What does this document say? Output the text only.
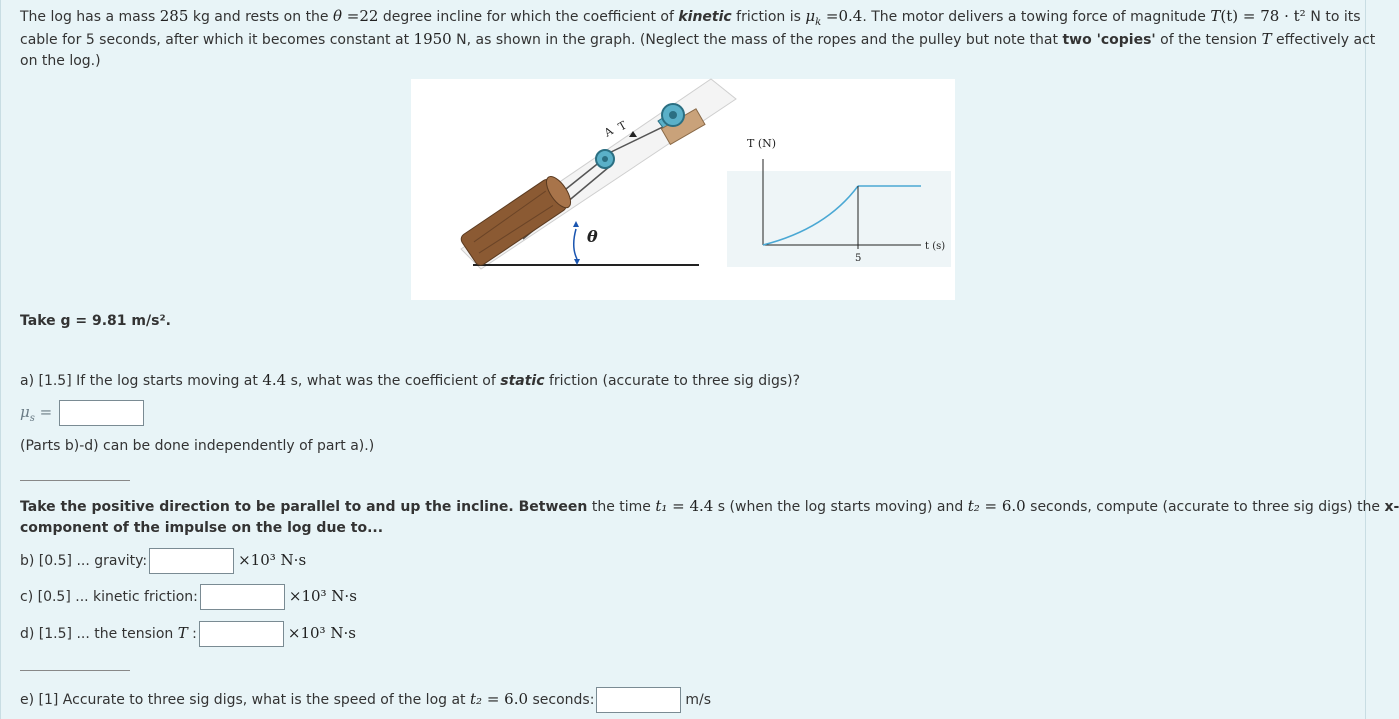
The log has a mass 285 kg and rests on the θ =22 degree incline for which the coefficient of kinetic friction is $\mu_k =0.4$. The motor delivers a towing force of magnitude T(t) = 78 · t² N to its
cable for 5 seconds, after which it becomes constant at 1950 N, as shown in the graph. (Neglect the mass of the ropes and the pulley but note that two 'copies' of the tension T effectively act
on the log.)
A T
θ
T (N)
5
t (s)
Take g = 9.81 m/s².
a) [1.5] If the log starts moving at 4.4 s, what was the coefficient of static friction (accurate to three sig digs)?
$\mu_s$ =
(Parts b)-d) can be done independently of part a).)
Take the positive direction to be parallel to and up the incline. Between the time t₁ = 4.4 s (when the log starts moving) and t₂ = 6.0 seconds, compute (accurate to three sig digs) the x-
component of the impulse on the log due to...
b) [0.5] ... gravity:	×10³ N·s
c) [0.5] ... kinetic friction:	×10³ N·s
d) [1.5] ... the tension T :	×10³ N·s
e) [1] Accurate to three sig digs, what is the speed of the log at t₂ = 6.0 seconds:	m/s
